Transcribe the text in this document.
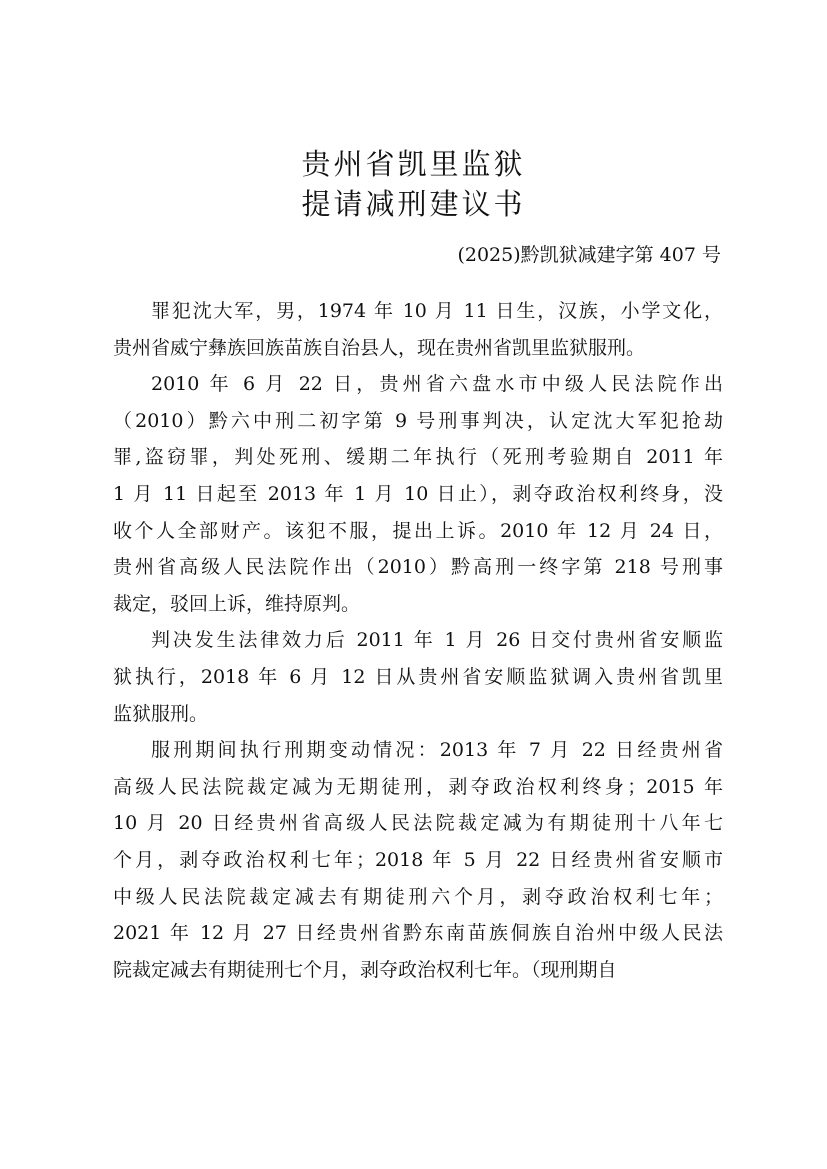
贵州省凯里监狱
提请减刑建议书
(2025)黔凯狱减建字第 407 号

罪犯沈大军，男，1974 年 10 月 11 日生，汉族，小学文化，
贵州省威宁彝族回族苗族自治县人，现在贵州省凯里监狱服刑。

2010 年 6 月 22 日，贵州省六盘水市中级人民法院作出
（2010）黔六中刑二初字第 9 号刑事判决，认定沈大军犯抢劫
罪,盗窃罪，判处死刑、缓期二年执行（死刑考验期自 2011 年
1 月 11 日起至 2013 年 1 月 10 日止），剥夺政治权利终身，没
收个人全部财产。该犯不服，提出上诉。2010 年 12 月 24 日，
贵州省高级人民法院作出（2010）黔高刑一终字第 218 号刑事
裁定，驳回上诉，维持原判。

判决发生法律效力后 2011 年 1 月 26 日交付贵州省安顺监
狱执行，2018 年 6 月 12 日从贵州省安顺监狱调入贵州省凯里
监狱服刑。

服刑期间执行刑期变动情况：2013 年 7 月 22 日经贵州省
高级人民法院裁定减为无期徒刑，剥夺政治权利终身；2015 年
10 月 20 日经贵州省高级人民法院裁定减为有期徒刑十八年七
个月，剥夺政治权利七年；2018 年 5 月 22 日经贵州省安顺市
中级人民法院裁定减去有期徒刑六个月，剥夺政治权利七年；
2021 年 12 月 27 日经贵州省黔东南苗族侗族自治州中级人民法
院裁定减去有期徒刑七个月，剥夺政治权利七年。（现刑期自
